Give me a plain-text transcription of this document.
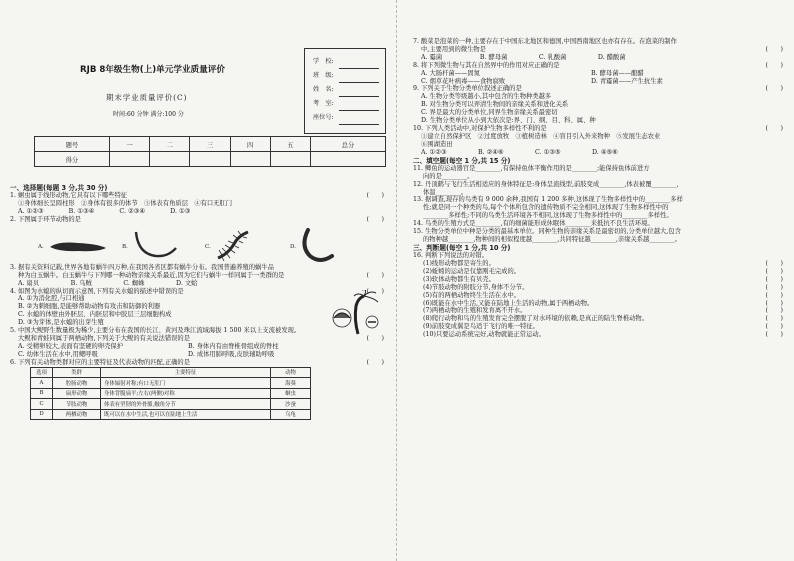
RJB 8年级生物(上)单元学业质量评价
期末学业质量评价(C)
时间:60 分钟 满分:100 分
学　校:
班　级:
姓　名:
考　室:
座位号:
题号	一	二	三	四	五	总分
得分						
一、选择题(每题 3 分,共 30 分)
1. 蛔虫属于线形动物,它具有以下哪些特征	(　　)
①身体细长呈圆柱形　②身体有很多的体节　③体表有角质层　④有口无肛门
A. ①②③　　　　B. ①③④　　　　C. ②③④　　　　D. ①③
2. 下图属于环节动物的是	(　　)
A.	B.	C.	D.
3. 据有关资料记载,世界各地有蜗牛四万种,在我国各省区都有蜗牛分布。我国普遍养殖的蜗牛品
种为白玉蜗牛。白玉蜗牛与下列哪一种动物亲缘关系最近,因为它们与蜗牛一样同属于一类群的是	(　　)
A. 扇贝　　　　　B. 乌贼　　　　　C. 蜘蛛　　　　　D. 文蛤
4. 如图为水螅的纵切面示意图,下列有关水螅的描述中错误的是	(　　)
A. ①为消化腔,与口相通
B. ②为刺细胞,是能够帮助动物有攻击和防御的利器
C. 水螅的体壁由外胚层、内胚层和中胶层三层细胞构成
D. ③为芽体,是水螅的出芽生殖
5. 中国大鲵野生数量极为稀少,主要分布在我国的长江、黄河及珠江流域海拔 1 500 米以上支流被发现。
大鲵和青蛙同属于两栖动物,下列关于大鲵的有关说法错误的是	(　　)
A. 受精卵较大,表面有坚硬的卵壳保护	B. 身体内有由脊椎骨组成的脊柱
C. 幼体生活在水中,用鳃呼吸	D. 成体用肺呼吸,皮肤辅助呼吸
6. 下列有关动物类群对应的主要特征及代表动物的匹配,正确的是	(　　)
选项	类群	主要特征	动物
A	腔肠动物	身体辐射对称;有口无肛门	海葵
B	扁形动物	身体背腹扁平;左右(两侧)对称	蛔虫
C	节肢动物	体表有坚韧的外骨骼,触角分节	沙蚕
D	两栖动物	既可以在水中生活,也可以在陆地上生活	乌龟
7. 酸菜是泡菜的一种,主要存在于中国东北地区和德国,中国西南地区也亦有存在。在泡菜的制作
中,主要用到的微生物是	(　　)
A. 霉菌　　　　　　B. 酵母菌　　　　　C. 乳酸菌　　　　　D. 醋酸菌
8. 将下列微生物与其在自然界中的作用对应正确的是	(　　)
A. 大肠杆菌——固氮	B. 酵母菌——酿醋
C. 烟草花叶病毒——食物腐败	D. 青霉菌——产生抗生素
9. 下列关于生物分类单位叙述正确的是	(　　)
A. 生物分类等级越小,其中包含的生物种类越多
B. 对生物分类可以弄清生物间的亲缘关系和进化关系
C. 界是最大的分类单位,同界生物亲缘关系最密切
D. 生物分类单位从小到大依次是:界、门、纲、目、科、属、种
10. 下列人类活动中,对保护生物多样性不利的是	(　　)
①建立自然保护区　②过度放牧　③植树造林　④盲目引入外来物种　⑤发展生态农业
⑥围湖造田
A. ①②③　　　　　B. ②④⑥　　　　　C. ①③⑤　　　　　D. ④⑤⑥
二、填空题(每空 1 分,共 15 分)
11. 鲫鱼的运动器官是________,有保持鱼体平衡作用的是________;能保持鱼体前进方
向的是________。
12. 丹顶鹤与飞行生活相适应的身体特征是:身体呈流线型,前肢变成________,体表被覆________,
体温________。
13. 据调查,现存的鸟类有 9 000 余种,我国有 1 200 多种,这体现了生物多样性中的________多样
性;就是同一个种类的鸟,每个个体所包含的遗传物质不完全相同,这体现了生物多样性中的
________多样性;不同的鸟类生活环境各不相同,这体现了生物多样性中的________多样性。
14. 鸟类的生殖方式是________,有的细菌能形成休眠体________来抵抗不良生活环境。
15. 生物分类单位中种是分类的最基本单位。同种生物的亲缘关系是最密切的,分类单位越大,包含
的物种越________,物种间的相似程度越________,共同特征越________,亲缘关系越________。
三、判断题(每空 1 分,共 10 分)
16. 判断下列说法的对错。
(1)线形动物都是寄生的。	(　　)
(2)蚯蚓的运动是仅靠刚毛完成的。	(　　)
(3)软体动物都生有贝壳。	(　　)
(4)节肢动物的附肢分节,身体不分节。	(　　)
(5)有的两栖动物终生生活在水中。	(　　)
(6)既能在水中生活,又能在陆地上生活的动物,属于两栖动物。	(　　)
(7)两栖动物的生殖和发育离不开水。	(　　)
(8)爬行动物和鸟的生殖发育完全摆脱了对水环境的依赖,是真正的陆生脊椎动物。	(　　)
(9)前肢变成翼是鸟适于飞行的唯一特征。	(　　)
(10)只要运动系统完好,动物就能正常运动。	(　　)
